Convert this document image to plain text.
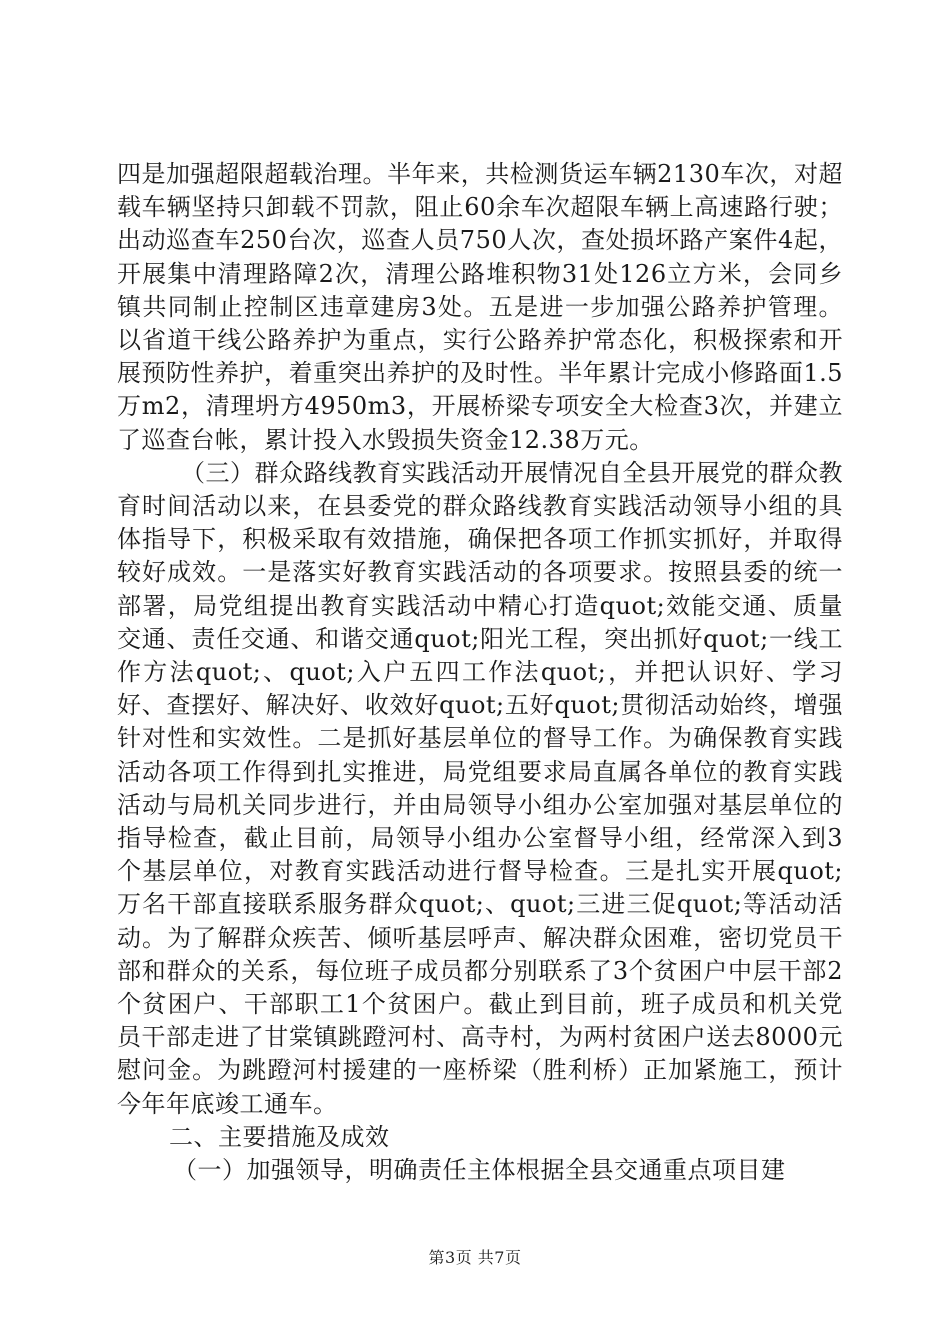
四是加强超限超载治理。半年来，共检测货运车辆2130车次，对超载车辆坚持只卸载不罚款，阻止60余车次超限车辆上高速路行驶；出动巡查车250台次，巡查人员750人次，查处损坏路产案件4起，开展集中清理路障2次，清理公路堆积物31处126立方米，会同乡镇共同制止控制区违章建房3处。五是进一步加强公路养护管理。以省道干线公路养护为重点，实行公路养护常态化，积极探索和开展预防性养护，着重突出养护的及时性。半年累计完成小修路面1.5万m2，清理坍方4950m3，开展桥梁专项安全大检查3次，并建立了巡查台帐，累计投入水毁损失资金12.38万元。

（三）群众路线教育实践活动开展情况自全县开展党的群众教育时间活动以来，在县委党的群众路线教育实践活动领导小组的具体指导下，积极采取有效措施，确保把各项工作抓实抓好，并取得较好成效。一是落实好教育实践活动的各项要求。按照县委的统一部署，局党组提出教育实践活动中精心打造quot;效能交通、质量交通、责任交通、和谐交通quot;阳光工程，突出抓好quot;一线工作方法quot;、quot;入户五四工作法quot;，并把认识好、学习好、查摆好、解决好、收效好quot;五好quot;贯彻活动始终，增强针对性和实效性。二是抓好基层单位的督导工作。为确保教育实践活动各项工作得到扎实推进，局党组要求局直属各单位的教育实践活动与局机关同步进行，并由局领导小组办公室加强对基层单位的指导检查，截止目前，局领导小组办公室督导小组，经常深入到3个基层单位，对教育实践活动进行督导检查。三是扎实开展quot;万名干部直接联系服务群众quot;、quot;三进三促quot;等活动活动。为了解群众疾苦、倾听基层呼声、解决群众困难，密切党员干部和群众的关系，每位班子成员都分别联系了3个贫困户中层干部2个贫困户、干部职工1个贫困户。截止到目前，班子成员和机关党员干部走进了甘棠镇跳蹬河村、高寺村，为两村贫困户送去8000元慰问金。为跳蹬河村援建的一座桥梁（胜利桥）正加紧施工，预计今年年底竣工通车。

二、主要措施及成效

（一）加强领导，明确责任主体根据全县交通重点项目建

第3页 共7页
